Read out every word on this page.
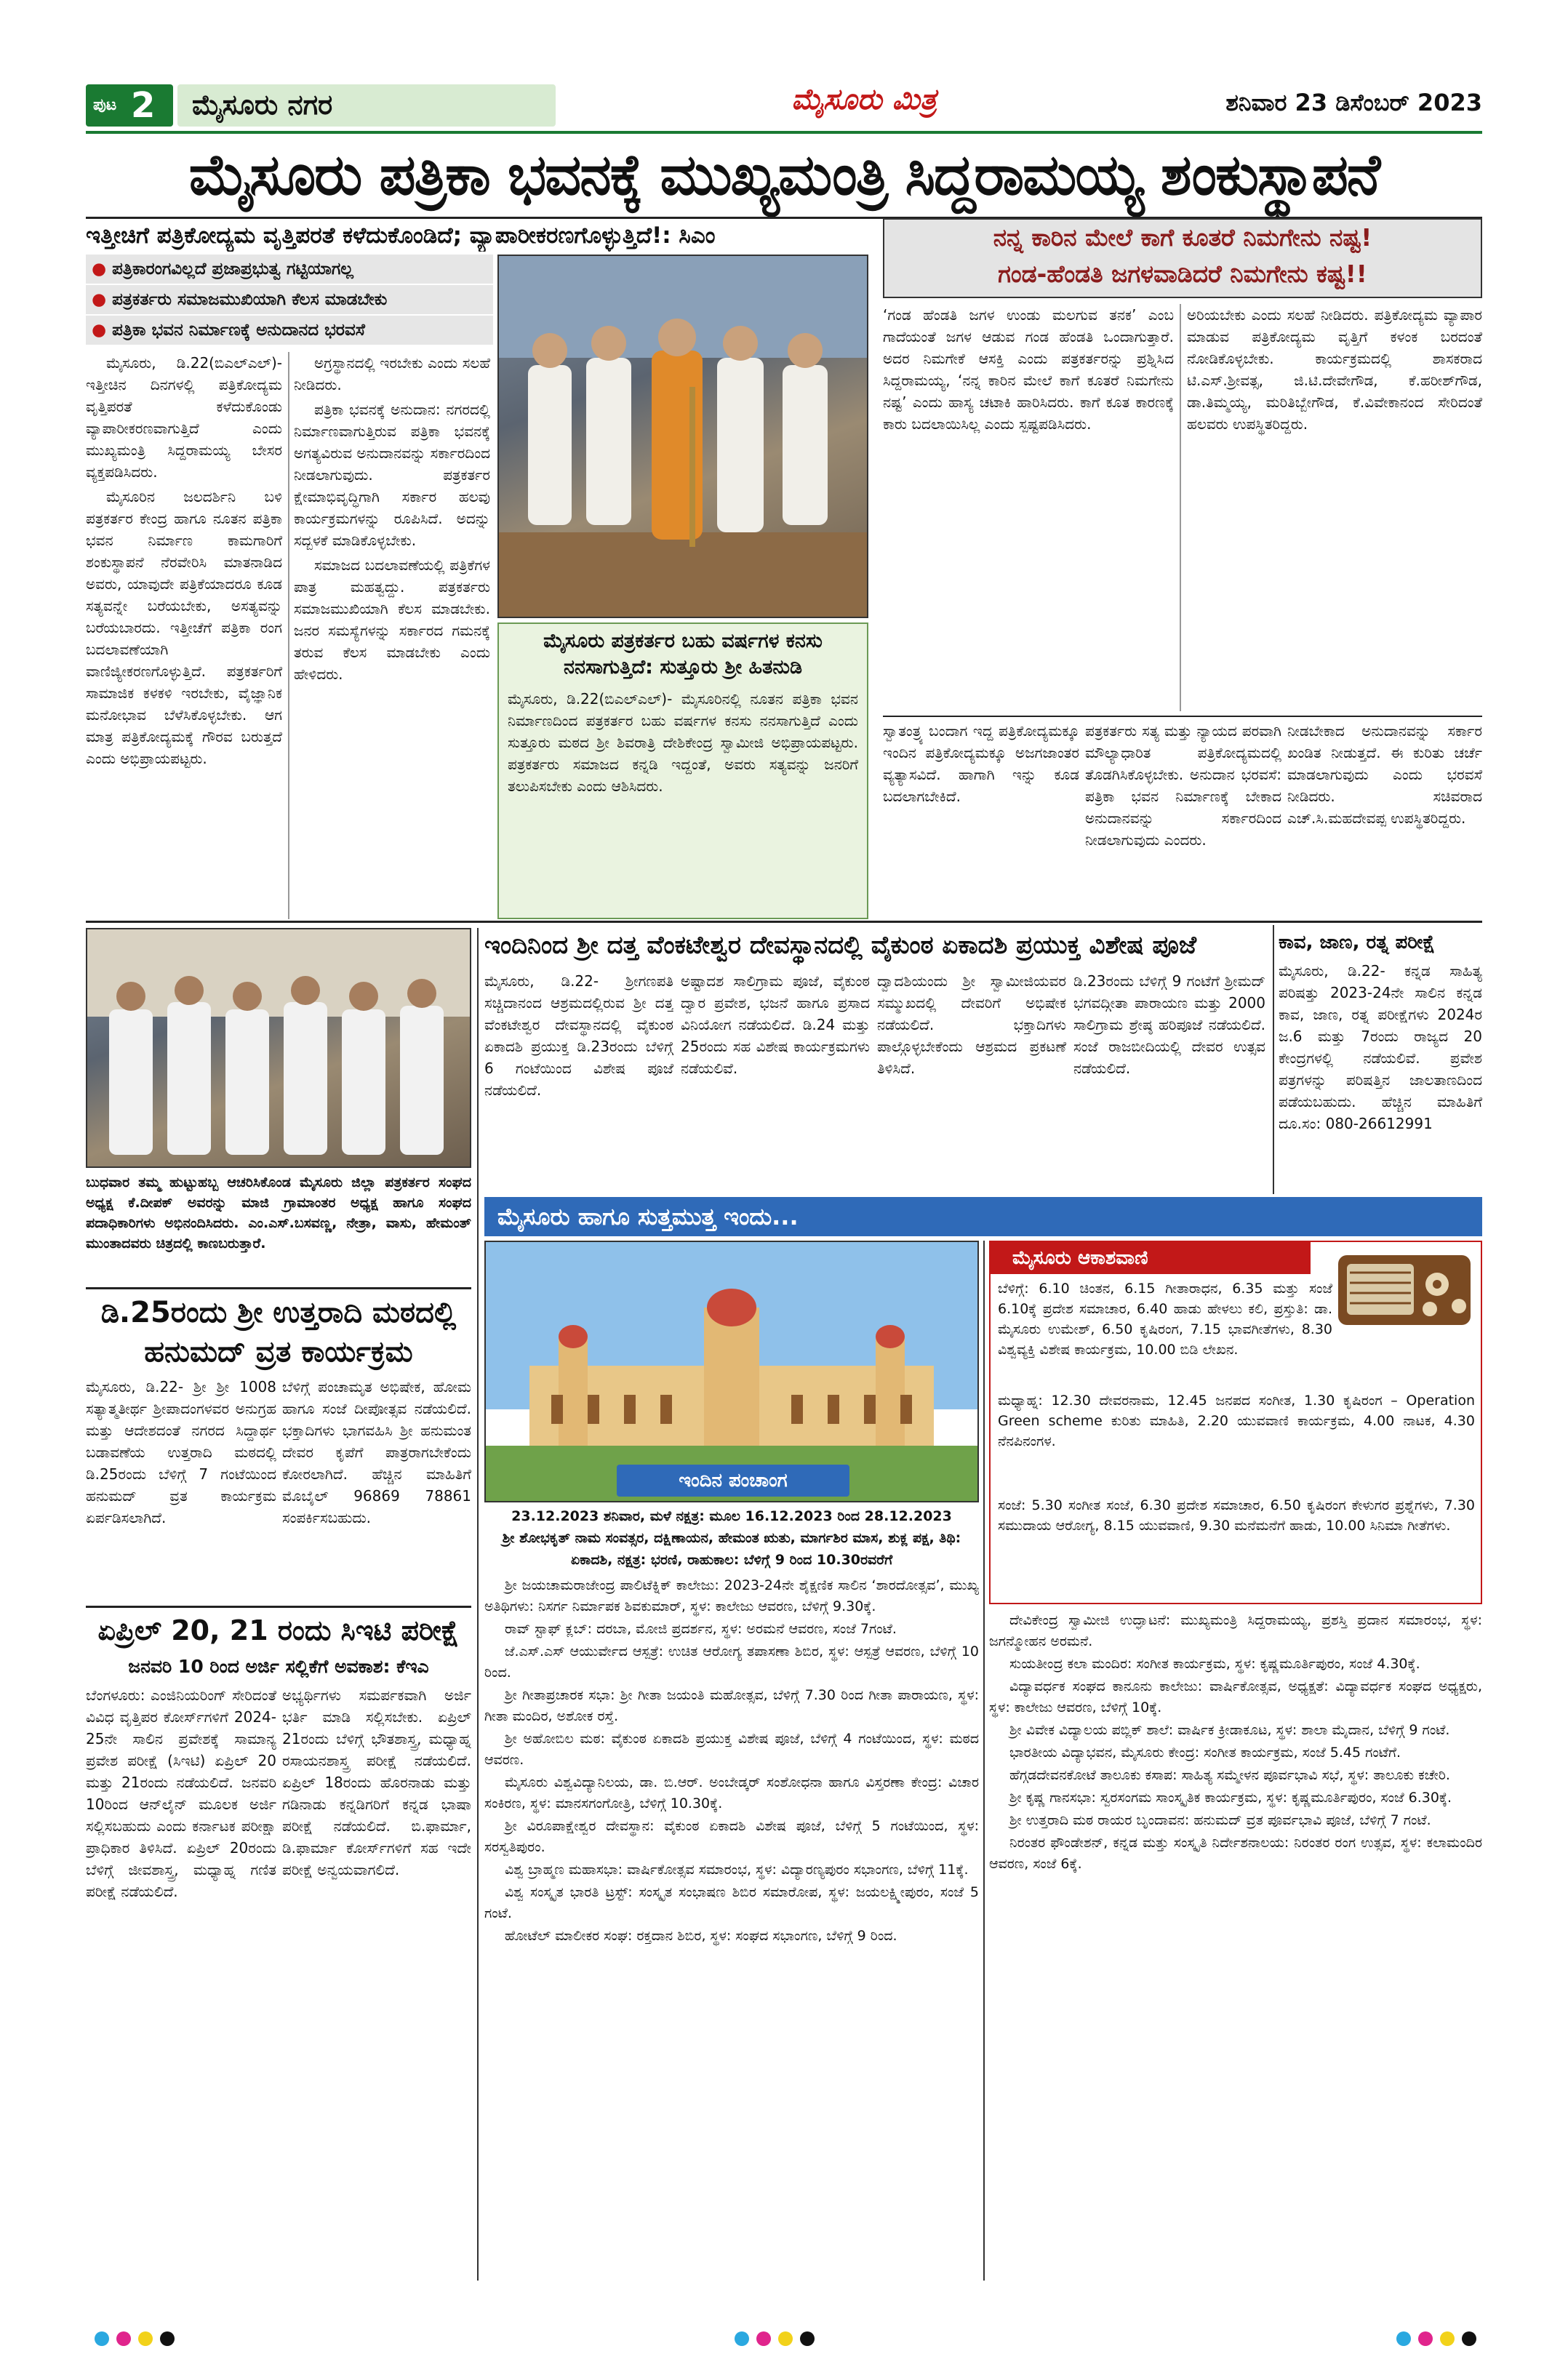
ಪುಟ 2 ಮೈಸೂರು ನಗರ	ಮೈಸೂರು ಮಿತ್ರ	ಶನಿವಾರ 23 ಡಿಸೆಂಬರ್ 2023
ಮೈಸೂರು ಪತ್ರಿಕಾ ಭವನಕ್ಕೆ ಮುಖ್ಯಮಂತ್ರಿ ಸಿದ್ದರಾಮಯ್ಯ ಶಂಕುಸ್ಥಾಪನೆ
ಇತ್ತೀಚಿಗೆ ಪತ್ರಿಕೋದ್ಯಮ ವೃತ್ತಿಪರತೆ ಕಳೆದುಕೊಂಡಿದೆ; ವ್ಯಾಪಾರೀಕರಣಗೊಳ್ಳುತ್ತಿದೆ!: ಸಿಎಂ
● ಪತ್ರಿಕಾರಂಗವಿಲ್ಲದೆ ಪ್ರಜಾಪ್ರಭುತ್ವ ಗಟ್ಟಿಯಾಗಲ್ಲ
● ಪತ್ರಕರ್ತರು ಸಮಾಜಮುಖಿಯಾಗಿ ಕೆಲಸ ಮಾಡಬೇಕು
● ಪತ್ರಿಕಾ ಭವನ ನಿರ್ಮಾಣಕ್ಕೆ ಅನುದಾನದ ಭರವಸೆ

ಮೈಸೂರು, ಡಿ.22(ಬಿಎಲ್‌ಎಲ್)- ಇತ್ತೀಚಿನ ದಿನಗಳಲ್ಲಿ ಪತ್ರಿಕೋದ್ಯಮ ವೃತ್ತಿಪರತೆ ಕಳೆದುಕೊಂಡು ವ್ಯಾಪಾರೀಕರಣವಾಗುತ್ತಿದೆ ಎಂದು ಮುಖ್ಯಮಂತ್ರಿ ಸಿದ್ದರಾಮಯ್ಯ ಬೇಸರ ವ್ಯಕ್ತಪಡಿಸಿದರು.

ಮೈಸೂರಿನ ಜಲದರ್ಶಿನಿ ಬಳಿ ಪತ್ರಕರ್ತರ ಕೇಂದ್ರ ಹಾಗೂ ನೂತನ ಪತ್ರಿಕಾ ಭವನ ನಿರ್ಮಾಣ ಕಾಮಗಾರಿಗೆ ಶಂಕುಸ್ಥಾಪನೆ ನೆರವೇರಿಸಿ ಮಾತನಾಡಿದ ಅವರು, ಯಾವುದೇ ಪತ್ರಿಕೆಯಾದರೂ ಕೂಡ ಸತ್ಯವನ್ನೇ ಬರೆಯಬೇಕು, ಅಸತ್ಯವನ್ನು ಬರೆಯಬಾರದು. ಇತ್ತೀಚೆಗೆ ಪತ್ರಿಕಾ ರಂಗ ಬದಲಾವಣೆಯಾಗಿ ವಾಣಿಜ್ಯೀಕರಣಗೊಳ್ಳುತ್ತಿದೆ. ಪತ್ರಕರ್ತರಿಗೆ ಸಾಮಾಜಿಕ ಕಳಕಳಿ ಇರಬೇಕು, ವೈಜ್ಞಾನಿಕ ಮನೋಭಾವ ಬೆಳೆಸಿಕೊಳ್ಳಬೇಕು. ಆಗ ಮಾತ್ರ ಪತ್ರಿಕೋದ್ಯಮಕ್ಕೆ ಗೌರವ ಬರುತ್ತದೆ ಎಂದು ಅಭಿಪ್ರಾಯಪಟ್ಟರು.

ಅಗ್ರಸ್ಥಾನದಲ್ಲಿ ಇರಬೇಕು ಎಂದು ಸಲಹೆ ನೀಡಿದರು.

ಪತ್ರಿಕಾ ಭವನಕ್ಕೆ ಅನುದಾನ: ನಗರದಲ್ಲಿ ನಿರ್ಮಾಣವಾಗುತ್ತಿರುವ ಪತ್ರಿಕಾ ಭವನಕ್ಕೆ ಅಗತ್ಯವಿರುವ ಅನುದಾನವನ್ನು ಸರ್ಕಾರದಿಂದ ನೀಡಲಾಗುವುದು. ಪತ್ರಕರ್ತರ ಕ್ಷೇಮಾಭಿವೃದ್ಧಿಗಾಗಿ ಸರ್ಕಾರ ಹಲವು ಕಾರ್ಯಕ್ರಮಗಳನ್ನು ರೂಪಿಸಿದೆ. ಅದನ್ನು ಸದ್ಬಳಕೆ ಮಾಡಿಕೊಳ್ಳಬೇಕು.

ಸಮಾಜದ ಬದಲಾವಣೆಯಲ್ಲಿ ಪತ್ರಿಕೆಗಳ ಪಾತ್ರ ಮಹತ್ವದ್ದು. ಪತ್ರಕರ್ತರು ಸಮಾಜಮುಖಿಯಾಗಿ ಕೆಲಸ ಮಾಡಬೇಕು. ಜನರ ಸಮಸ್ಯೆಗಳನ್ನು ಸರ್ಕಾರದ ಗಮನಕ್ಕೆ ತರುವ ಕೆಲಸ ಮಾಡಬೇಕು ಎಂದು ಹೇಳಿದರು.

ಮೈಸೂರು ಪತ್ರಕರ್ತರ ಬಹು ವರ್ಷಗಳ ಕನಸು ನನಸಾಗುತ್ತಿದೆ: ಸುತ್ತೂರು ಶ್ರೀ ಹಿತನುಡಿ
ಮೈಸೂರು, ಡಿ.22(ಬಿಎಲ್‌ಎಲ್)- ಮೈಸೂರಿನಲ್ಲಿ ನೂತನ ಪತ್ರಿಕಾ ಭವನ ನಿರ್ಮಾಣದಿಂದ ಪತ್ರಕರ್ತರ ಬಹು ವರ್ಷಗಳ ಕನಸು ನನಸಾಗುತ್ತಿದೆ ಎಂದು ಸುತ್ತೂರು ಮಠದ ಶ್ರೀ ಶಿವರಾತ್ರಿ ದೇಶಿಕೇಂದ್ರ ಸ್ವಾಮೀಜಿ ಅಭಿಪ್ರಾಯಪಟ್ಟರು. ಪತ್ರಕರ್ತರು ಸಮಾಜದ ಕನ್ನಡಿ ಇದ್ದಂತೆ, ಅವರು ಸತ್ಯವನ್ನು ಜನರಿಗೆ ತಲುಪಿಸಬೇಕು ಎಂದು ಆಶಿಸಿದರು.
ನನ್ನ ಕಾರಿನ ಮೇಲೆ ಕಾಗೆ ಕೂತರೆ ನಿಮಗೇನು ನಷ್ಟ!
ಗಂಡ-ಹೆಂಡತಿ ಜಗಳವಾಡಿದರೆ ನಿಮಗೇನು ಕಷ್ಟ!!
‘ಗಂಡ ಹೆಂಡತಿ ಜಗಳ ಉಂಡು ಮಲಗುವ ತನಕ’ ಎಂಬ ಗಾದೆಯಂತೆ ಜಗಳ ಆಡುವ ಗಂಡ ಹೆಂಡತಿ ಒಂದಾಗುತ್ತಾರೆ. ಅದರ ನಿಮಗೇಕೆ ಆಸಕ್ತಿ ಎಂದು ಪತ್ರಕರ್ತರನ್ನು ಪ್ರಶ್ನಿಸಿದ ಸಿದ್ದರಾಮಯ್ಯ, ‘ನನ್ನ ಕಾರಿನ ಮೇಲೆ ಕಾಗೆ ಕೂತರೆ ನಿಮಗೇನು ನಷ್ಟ’ ಎಂದು ಹಾಸ್ಯ ಚಟಾಕಿ ಹಾರಿಸಿದರು. ಕಾಗೆ ಕೂತ ಕಾರಣಕ್ಕೆ ಕಾರು ಬದಲಾಯಿಸಿಲ್ಲ ಎಂದು ಸ್ಪಷ್ಟಪಡಿಸಿದರು.
ಅರಿಯಬೇಕು ಎಂದು ಸಲಹೆ ನೀಡಿದರು. ಪತ್ರಿಕೋದ್ಯಮ ವ್ಯಾಪಾರ ಮಾಡುವ ಪತ್ರಿಕೋದ್ಯಮ ವೃತ್ತಿಗೆ ಕಳಂಕ ಬರದಂತೆ ನೋಡಿಕೊಳ್ಳಬೇಕು. ಕಾರ್ಯಕ್ರಮದಲ್ಲಿ ಶಾಸಕರಾದ ಟಿ.ಎಸ್.ಶ್ರೀವತ್ಸ, ಜಿ.ಟಿ.ದೇವೇಗೌಡ, ಕೆ.ಹರೀಶ್‌ಗೌಡ, ಡಾ.ತಿಮ್ಮಯ್ಯ, ಮರಿತಿಬ್ಬೇಗೌಡ, ಕೆ.ವಿವೇಕಾನಂದ ಸೇರಿದಂತೆ ಹಲವರು ಉಪಸ್ಥಿತರಿದ್ದರು.
ಸ್ವಾತಂತ್ರ್ಯ ಬಂದಾಗ ಇದ್ದ ಪತ್ರಿಕೋದ್ಯಮಕ್ಕೂ ಇಂದಿನ ಪತ್ರಿಕೋದ್ಯಮಕ್ಕೂ ಅಜಗಜಾಂತರ ವ್ಯತ್ಯಾಸವಿದೆ. ಹಾಗಾಗಿ ಇನ್ನು ಕೂಡ ಬದಲಾಗಬೇಕಿದೆ.
ಪತ್ರಕರ್ತರು ಸತ್ಯ ಮತ್ತು ನ್ಯಾಯದ ಪರವಾಗಿ ಮೌಲ್ಯಾಧಾರಿತ ಪತ್ರಿಕೋದ್ಯಮದಲ್ಲಿ ತೊಡಗಿಸಿಕೊಳ್ಳಬೇಕು. ಅನುದಾನ ಭರವಸೆ: ಪತ್ರಿಕಾ ಭವನ ನಿರ್ಮಾಣಕ್ಕೆ ಬೇಕಾದ ಅನುದಾನವನ್ನು ಸರ್ಕಾರದಿಂದ ನೀಡಲಾಗುವುದು ಎಂದರು.
ನೀಡಬೇಕಾದ ಅನುದಾನವನ್ನು ಸರ್ಕಾರ ಖಂಡಿತ ನೀಡುತ್ತದೆ. ಈ ಕುರಿತು ಚರ್ಚೆ ಮಾಡಲಾಗುವುದು ಎಂದು ಭರವಸೆ ನೀಡಿದರು. ಸಚಿವರಾದ ಎಚ್.ಸಿ.ಮಹದೇವಪ್ಪ ಉಪಸ್ಥಿತರಿದ್ದರು.
ಬುಧವಾರ ತಮ್ಮ ಹುಟ್ಟುಹಬ್ಬ ಆಚರಿಸಿಕೊಂಡ ಮೈಸೂರು ಜಿಲ್ಲಾ ಪತ್ರಕರ್ತರ ಸಂಘದ ಅಧ್ಯಕ್ಷ ಕೆ.ದೀಪಕ್ ಅವರನ್ನು ಮಾಜಿ ಗ್ರಾಮಾಂತರ ಅಧ್ಯಕ್ಷ ಹಾಗೂ ಸಂಘದ ಪದಾಧಿಕಾರಿಗಳು ಅಭಿನಂದಿಸಿದರು. ಎಂ.ಎಸ್.ಬಸವಣ್ಣ, ನೇತ್ರಾ, ವಾಸು, ಹೇಮಂತ್ ಮುಂತಾದವರು ಚಿತ್ರದಲ್ಲಿ ಕಾಣಬರುತ್ತಾರೆ.
ಡಿ.25ರಂದು ಶ್ರೀ ಉತ್ತರಾದಿ ಮಠದಲ್ಲಿ ಹನುಮದ್ ವ್ರತ ಕಾರ್ಯಕ್ರಮ
ಮೈಸೂರು, ಡಿ.22- ಶ್ರೀ ಶ್ರೀ 1008 ಸತ್ಯಾತ್ಮತೀರ್ಥ ಶ್ರೀಪಾದಂಗಳವರ ಅನುಗ್ರಹ ಮತ್ತು ಆದೇಶದಂತೆ ನಗರದ ಸಿದ್ದಾರ್ಥ ಬಡಾವಣೆಯ ಉತ್ತರಾದಿ ಮಠದಲ್ಲಿ ಡಿ.25ರಂದು ಬೆಳಿಗ್ಗೆ 7 ಗಂಟೆಯಿಂದ ಹನುಮದ್ ವ್ರತ ಕಾರ್ಯಕ್ರಮ ಏರ್ಪಡಿಸಲಾಗಿದೆ.
ಬೆಳಿಗ್ಗೆ ಪಂಚಾಮೃತ ಅಭಿಷೇಕ, ಹೋಮ ಹಾಗೂ ಸಂಜೆ ದೀಪೋತ್ಸವ ನಡೆಯಲಿದೆ. ಭಕ್ತಾದಿಗಳು ಭಾಗವಹಿಸಿ ಶ್ರೀ ಹನುಮಂತ ದೇವರ ಕೃಪೆಗೆ ಪಾತ್ರರಾಗಬೇಕೆಂದು ಕೋರಲಾಗಿದೆ. ಹೆಚ್ಚಿನ ಮಾಹಿತಿಗೆ ಮೊಬೈಲ್ 96869 78861 ಸಂಪರ್ಕಿಸಬಹುದು.
ಏಪ್ರಿಲ್ 20, 21 ರಂದು ಸಿಇಟಿ ಪರೀಕ್ಷೆ
ಜನವರಿ 10 ರಿಂದ ಅರ್ಜಿ ಸಲ್ಲಿಕೆಗೆ ಅವಕಾಶ: ಕೆಇಎ
ಬೆಂಗಳೂರು: ಎಂಜಿನಿಯರಿಂಗ್ ಸೇರಿದಂತೆ ವಿವಿಧ ವೃತ್ತಿಪರ ಕೋರ್ಸ್‌ಗಳಿಗೆ 2024-25ನೇ ಸಾಲಿನ ಪ್ರವೇಶಕ್ಕೆ ಸಾಮಾನ್ಯ ಪ್ರವೇಶ ಪರೀಕ್ಷೆ (ಸಿಇಟಿ) ಏಪ್ರಿಲ್ 20 ಮತ್ತು 21ರಂದು ನಡೆಯಲಿದೆ. ಜನವರಿ 10ರಿಂದ ಆನ್‌ಲೈನ್ ಮೂಲಕ ಅರ್ಜಿ ಸಲ್ಲಿಸಬಹುದು ಎಂದು ಕರ್ನಾಟಕ ಪರೀಕ್ಷಾ ಪ್ರಾಧಿಕಾರ ತಿಳಿಸಿದೆ. ಏಪ್ರಿಲ್ 20ರಂದು ಬೆಳಿಗ್ಗೆ ಜೀವಶಾಸ್ತ್ರ, ಮಧ್ಯಾಹ್ನ ಗಣಿತ ಪರೀಕ್ಷೆ ನಡೆಯಲಿದೆ.
ಅಭ್ಯರ್ಥಿಗಳು ಸಮರ್ಪಕವಾಗಿ ಅರ್ಜಿ ಭರ್ತಿ ಮಾಡಿ ಸಲ್ಲಿಸಬೇಕು. ಏಪ್ರಿಲ್ 21ರಂದು ಬೆಳಿಗ್ಗೆ ಭೌತಶಾಸ್ತ್ರ, ಮಧ್ಯಾಹ್ನ ರಸಾಯನಶಾಸ್ತ್ರ ಪರೀಕ್ಷೆ ನಡೆಯಲಿದೆ. ಏಪ್ರಿಲ್ 18ರಂದು ಹೊರನಾಡು ಮತ್ತು ಗಡಿನಾಡು ಕನ್ನಡಿಗರಿಗೆ ಕನ್ನಡ ಭಾಷಾ ಪರೀಕ್ಷೆ ನಡೆಯಲಿದೆ. ಬಿ.ಫಾರ್ಮಾ, ಡಿ.ಫಾರ್ಮಾ ಕೋರ್ಸ್‌ಗಳಿಗೆ ಸಹ ಇದೇ ಪರೀಕ್ಷೆ ಅನ್ವಯವಾಗಲಿದೆ.
ಇಂದಿನಿಂದ ಶ್ರೀ ದತ್ತ ವೆಂಕಟೇಶ್ವರ ದೇವಸ್ಥಾನದಲ್ಲಿ ವೈಕುಂಠ ಏಕಾದಶಿ ಪ್ರಯುಕ್ತ ವಿಶೇಷ ಪೂಜೆ
ಮೈಸೂರು, ಡಿ.22- ಶ್ರೀಗಣಪತಿ ಸಚ್ಚಿದಾನಂದ ಆಶ್ರಮದಲ್ಲಿರುವ ಶ್ರೀ ದತ್ತ ವೆಂಕಟೇಶ್ವರ ದೇವಸ್ಥಾನದಲ್ಲಿ ವೈಕುಂಠ ಏಕಾದಶಿ ಪ್ರಯುಕ್ತ ಡಿ.23ರಂದು ಬೆಳಿಗ್ಗೆ 6 ಗಂಟೆಯಿಂದ ವಿಶೇಷ ಪೂಜೆ ನಡೆಯಲಿದೆ.
ಅಷ್ಟಾದಶ ಸಾಲಿಗ್ರಾಮ ಪೂಜೆ, ವೈಕುಂಠ ದ್ವಾರ ಪ್ರವೇಶ, ಭಜನೆ ಹಾಗೂ ಪ್ರಸಾದ ವಿನಿಯೋಗ ನಡೆಯಲಿದೆ. ಡಿ.24 ಮತ್ತು 25ರಂದು ಸಹ ವಿಶೇಷ ಕಾರ್ಯಕ್ರಮಗಳು ನಡೆಯಲಿವೆ.
ದ್ವಾದಶಿಯಂದು ಶ್ರೀ ಸ್ವಾಮೀಜಿಯವರ ಸಮ್ಮುಖದಲ್ಲಿ ದೇವರಿಗೆ ಅಭಿಷೇಕ ನಡೆಯಲಿದೆ. ಭಕ್ತಾದಿಗಳು ಪಾಲ್ಗೊಳ್ಳಬೇಕೆಂದು ಆಶ್ರಮದ ಪ್ರಕಟಣೆ ತಿಳಿಸಿದೆ.
ಡಿ.23ರಂದು ಬೆಳಿಗ್ಗೆ 9 ಗಂಟೆಗೆ ಶ್ರೀಮದ್ ಭಗವದ್ಗೀತಾ ಪಾರಾಯಣ ಮತ್ತು 2000 ಸಾಲಿಗ್ರಾಮ ಶ್ರೇಷ್ಠ ಹರಿಪೂಜೆ ನಡೆಯಲಿದೆ. ಸಂಜೆ ರಾಜಬೀದಿಯಲ್ಲಿ ದೇವರ ಉತ್ಸವ ನಡೆಯಲಿದೆ.
ಕಾವ, ಜಾಣ, ರತ್ನ ಪರೀಕ್ಷೆ
ಮೈಸೂರು, ಡಿ.22- ಕನ್ನಡ ಸಾಹಿತ್ಯ ಪರಿಷತ್ತು 2023-24ನೇ ಸಾಲಿನ ಕನ್ನಡ ಕಾವ, ಜಾಣ, ರತ್ನ ಪರೀಕ್ಷೆಗಳು 2024ರ ಜ.6 ಮತ್ತು 7ರಂದು ರಾಜ್ಯದ 20 ಕೇಂದ್ರಗಳಲ್ಲಿ ನಡೆಯಲಿವೆ. ಪ್ರವೇಶ ಪತ್ರಗಳನ್ನು ಪರಿಷತ್ತಿನ ಜಾಲತಾಣದಿಂದ ಪಡೆಯಬಹುದು. ಹೆಚ್ಚಿನ ಮಾಹಿತಿಗೆ ದೂ.ಸಂ: 080-26612991
ಮೈಸೂರು ಹಾಗೂ ಸುತ್ತಮುತ್ತ ಇಂದು...
ಇಂದಿನ ಪಂಚಾಂಗ
23.12.2023 ಶನಿವಾರ, ಮಳೆ ನಕ್ಷತ್ರ: ಮೂಲ 16.12.2023 ರಿಂದ 28.12.2023
ಶ್ರೀ ಶೋಭಕೃತ್ ನಾಮ ಸಂವತ್ಸರ, ದಕ್ಷಿಣಾಯನ, ಹೇಮಂತ ಋತು, ಮಾರ್ಗಶಿರ ಮಾಸ, ಶುಕ್ಲ ಪಕ್ಷ, ತಿಥಿ: ಏಕಾದಶಿ, ನಕ್ಷತ್ರ: ಭರಣಿ, ರಾಹುಕಾಲ: ಬೆಳಿಗ್ಗೆ 9 ರಿಂದ 10.30ರವರೆಗೆ

ಶ್ರೀ ಜಯಚಾಮರಾಜೇಂದ್ರ ಪಾಲಿಟೆಕ್ನಿಕ್ ಕಾಲೇಜು: 2023-24ನೇ ಶೈಕ್ಷಣಿಕ ಸಾಲಿನ ‘ಶಾರದೋತ್ಸವ’, ಮುಖ್ಯ ಅತಿಥಿಗಳು: ನಿಸರ್ಗ ನಿರ್ಮಾಪಕ ಶಿವಕುಮಾರ್, ಸ್ಥಳ: ಕಾಲೇಜು ಆವರಣ, ಬೆಳಿಗ್ಗೆ 9.30ಕ್ಕೆ.

ರಾವ್ ಸ್ಟಾಫ್ ಕ್ಲಬ್: ದರಬಾ, ಮೋಜಿ ಪ್ರದರ್ಶನ, ಸ್ಥಳ: ಅರಮನೆ ಆವರಣ, ಸಂಜೆ 7ಗಂಟೆ.

ಜೆ.ಎಸ್.ಎಸ್ ಆಯುರ್ವೇದ ಆಸ್ಪತ್ರೆ: ಉಚಿತ ಆರೋಗ್ಯ ತಪಾಸಣಾ ಶಿಬಿರ, ಸ್ಥಳ: ಆಸ್ಪತ್ರೆ ಆವರಣ, ಬೆಳಿಗ್ಗೆ 10 ರಿಂದ.

ಶ್ರೀ ಗೀತಾಪ್ರಚಾರಕ ಸಭಾ: ಶ್ರೀ ಗೀತಾ ಜಯಂತಿ ಮಹೋತ್ಸವ, ಬೆಳಿಗ್ಗೆ 7.30 ರಿಂದ ಗೀತಾ ಪಾರಾಯಣ, ಸ್ಥಳ: ಗೀತಾ ಮಂದಿರ, ಅಶೋಕ ರಸ್ತೆ.

ಶ್ರೀ ಅಹೋಬಿಲ ಮಠ: ವೈಕುಂಠ ಏಕಾದಶಿ ಪ್ರಯುಕ್ತ ವಿಶೇಷ ಪೂಜೆ, ಬೆಳಿಗ್ಗೆ 4 ಗಂಟೆಯಿಂದ, ಸ್ಥಳ: ಮಠದ ಆವರಣ.

ಮೈಸೂರು ವಿಶ್ವವಿದ್ಯಾನಿಲಯ, ಡಾ. ಬಿ.ಆರ್. ಅಂಬೇಡ್ಕರ್ ಸಂಶೋಧನಾ ಹಾಗೂ ವಿಸ್ತರಣಾ ಕೇಂದ್ರ: ವಿಚಾರ ಸಂಕಿರಣ, ಸ್ಥಳ: ಮಾನಸಗಂಗೋತ್ರಿ, ಬೆಳಿಗ್ಗೆ 10.30ಕ್ಕೆ.

ಶ್ರೀ ವಿರೂಪಾಕ್ಷೇಶ್ವರ ದೇವಸ್ಥಾನ: ವೈಕುಂಠ ಏಕಾದಶಿ ವಿಶೇಷ ಪೂಜೆ, ಬೆಳಿಗ್ಗೆ 5 ಗಂಟೆಯಿಂದ, ಸ್ಥಳ: ಸರಸ್ವತಿಪುರಂ.

ವಿಶ್ವ ಬ್ರಾಹ್ಮಣ ಮಹಾಸಭಾ: ವಾರ್ಷಿಕೋತ್ಸವ ಸಮಾರಂಭ, ಸ್ಥಳ: ವಿದ್ಯಾರಣ್ಯಪುರಂ ಸಭಾಂಗಣ, ಬೆಳಿಗ್ಗೆ 11ಕ್ಕೆ.

ವಿಶ್ವ ಸಂಸ್ಕೃತ ಭಾರತಿ ಟ್ರಸ್ಟ್: ಸಂಸ್ಕೃತ ಸಂಭಾಷಣ ಶಿಬಿರ ಸಮಾರೋಪ, ಸ್ಥಳ: ಜಯಲಕ್ಷ್ಮೀಪುರಂ, ಸಂಜೆ 5 ಗಂಟೆ.

ಹೋಟೆಲ್ ಮಾಲೀಕರ ಸಂಘ: ರಕ್ತದಾನ ಶಿಬಿರ, ಸ್ಥಳ: ಸಂಘದ ಸಭಾಂಗಣ, ಬೆಳಿಗ್ಗೆ 9 ರಿಂದ.

ಮೈಸೂರು ಆಕಾಶವಾಣಿ
ಬೆಳಿಗ್ಗೆ: 6.10 ಚಿಂತನ, 6.15 ಗೀತಾರಾಧನ, 6.35 ಮತ್ತು ಸಂಜೆ 6.10ಕ್ಕೆ ಪ್ರದೇಶ ಸಮಾಚಾರ, 6.40 ಹಾಡು ಹೇಳಲು ಕಲಿ, ಪ್ರಸ್ತುತಿ: ಡಾ. ಮೈಸೂರು ಉಮೇಶ್, 6.50 ಕೃಷಿರಂಗ, 7.15 ಭಾವಗೀತೆಗಳು, 8.30 ವಿಶ್ವವ್ಯಕ್ತಿ ವಿಶೇಷ ಕಾರ್ಯಕ್ರಮ, 10.00 ಬಿಡಿ ಲೇಖನ.
ಮಧ್ಯಾಹ್ನ: 12.30 ದೇವರನಾಮ, 12.45 ಜನಪದ ಸಂಗೀತ, 1.30 ಕೃಷಿರಂಗ – Operation Green scheme ಕುರಿತು ಮಾಹಿತಿ, 2.20 ಯುವವಾಣಿ ಕಾರ್ಯಕ್ರಮ, 4.00 ನಾಟಕ, 4.30 ನೆನಪಿನಂಗಳ.
ಸಂಜೆ: 5.30 ಸಂಗೀತ ಸಂಜೆ, 6.30 ಪ್ರದೇಶ ಸಮಾಚಾರ, 6.50 ಕೃಷಿರಂಗ ಕೇಳುಗರ ಪ್ರಶ್ನೆಗಳು, 7.30 ಸಮುದಾಯ ಆರೋಗ್ಯ, 8.15 ಯುವವಾಣಿ, 9.30 ಮನೆಮನೆಗೆ ಹಾಡು, 10.00 ಸಿನಿಮಾ ಗೀತೆಗಳು.

ದೇವಿಕೇಂದ್ರ ಸ್ವಾಮೀಜಿ ಉದ್ಘಾಟನೆ: ಮುಖ್ಯಮಂತ್ರಿ ಸಿದ್ದರಾಮಯ್ಯ, ಪ್ರಶಸ್ತಿ ಪ್ರದಾನ ಸಮಾರಂಭ, ಸ್ಥಳ: ಜಗನ್ಮೋಹನ ಅರಮನೆ.

ಸುಯತೀಂದ್ರ ಕಲಾ ಮಂದಿರ: ಸಂಗೀತ ಕಾರ್ಯಕ್ರಮ, ಸ್ಥಳ: ಕೃಷ್ಣಮೂರ್ತಿಪುರಂ, ಸಂಜೆ 4.30ಕ್ಕೆ.

ವಿದ್ಯಾವರ್ಧಕ ಸಂಘದ ಕಾನೂನು ಕಾಲೇಜು: ವಾರ್ಷಿಕೋತ್ಸವ, ಅಧ್ಯಕ್ಷತೆ: ವಿದ್ಯಾವರ್ಧಕ ಸಂಘದ ಅಧ್ಯಕ್ಷರು, ಸ್ಥಳ: ಕಾಲೇಜು ಆವರಣ, ಬೆಳಿಗ್ಗೆ 10ಕ್ಕೆ.

ಶ್ರೀ ವಿವೇಕ ವಿದ್ಯಾಲಯ ಪಬ್ಲಿಕ್ ಶಾಲೆ: ವಾರ್ಷಿಕ ಕ್ರೀಡಾಕೂಟ, ಸ್ಥಳ: ಶಾಲಾ ಮೈದಾನ, ಬೆಳಿಗ್ಗೆ 9 ಗಂಟೆ.

ಭಾರತೀಯ ವಿದ್ಯಾಭವನ, ಮೈಸೂರು ಕೇಂದ್ರ: ಸಂಗೀತ ಕಾರ್ಯಕ್ರಮ, ಸಂಜೆ 5.45 ಗಂಟೆಗೆ.

ಹೆಗ್ಗಡದೇವನಕೋಟೆ ತಾಲೂಕು ಕಸಾಪ: ಸಾಹಿತ್ಯ ಸಮ್ಮೇಳನ ಪೂರ್ವಭಾವಿ ಸಭೆ, ಸ್ಥಳ: ತಾಲೂಕು ಕಚೇರಿ.

ಶ್ರೀ ಕೃಷ್ಣ ಗಾನಸಭಾ: ಸ್ವರಸಂಗಮ ಸಾಂಸ್ಕೃತಿಕ ಕಾರ್ಯಕ್ರಮ, ಸ್ಥಳ: ಕೃಷ್ಣಮೂರ್ತಿಪುರಂ, ಸಂಜೆ 6.30ಕ್ಕೆ.

ಶ್ರೀ ಉತ್ತರಾದಿ ಮಠ ರಾಯರ ಬೃಂದಾವನ: ಹನುಮದ್ ವ್ರತ ಪೂರ್ವಭಾವಿ ಪೂಜೆ, ಬೆಳಿಗ್ಗೆ 7 ಗಂಟೆ.

ನಿರಂತರ ಫೌಂಡೇಶನ್, ಕನ್ನಡ ಮತ್ತು ಸಂಸ್ಕೃತಿ ನಿರ್ದೇಶನಾಲಯ: ನಿರಂತರ ರಂಗ ಉತ್ಸವ, ಸ್ಥಳ: ಕಲಾಮಂದಿರ ಆವರಣ, ಸಂಜೆ 6ಕ್ಕೆ.
